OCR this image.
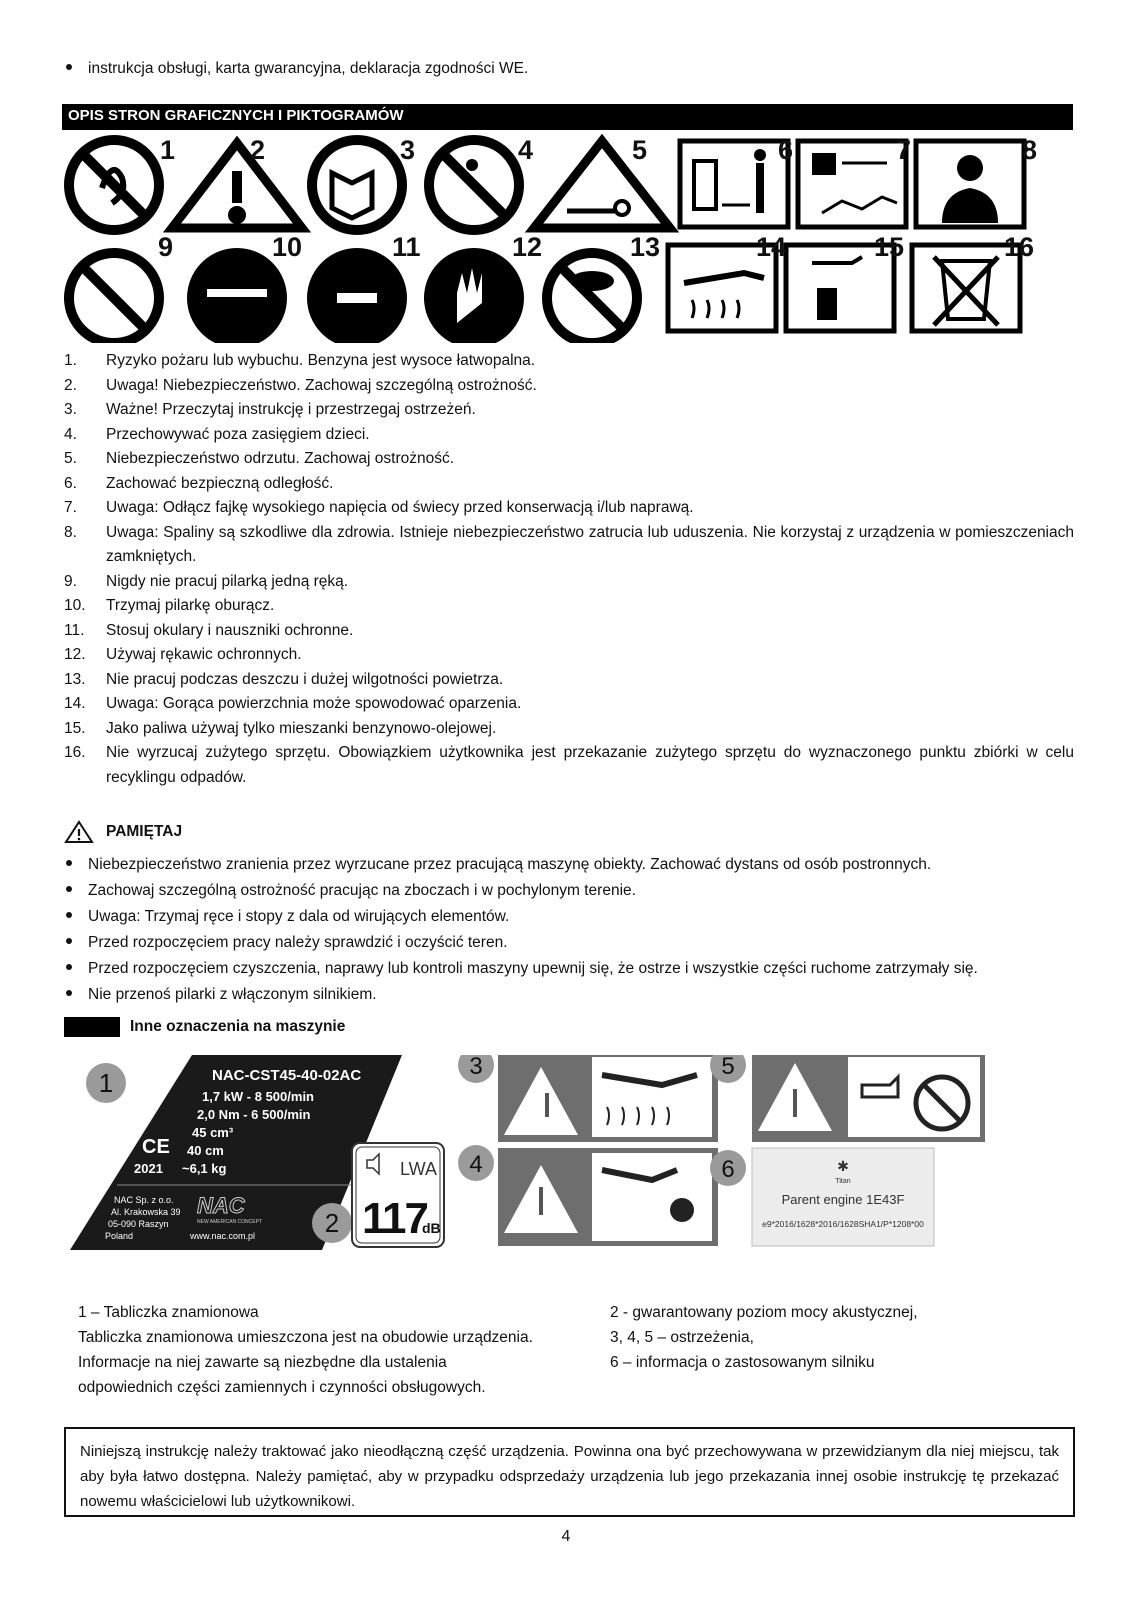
instrukcja obsługi, karta gwarancyjna, deklaracja zgodności WE.
OPIS STRON GRAFICZNYCH I PIKTOGRAMÓW
1	2	3	4	5	6	7	8
9	10	11	12	13	14	15	16
1. Ryzyko pożaru lub wybuchu. Benzyna jest wysoce łatwopalna.
2. Uwaga! Niebezpieczeństwo. Zachowaj szczególną ostrożność.
3. Ważne! Przeczytaj instrukcję i przestrzegaj ostrzeżeń.
4. Przechowywać poza zasięgiem dzieci.
5. Niebezpieczeństwo odrzutu. Zachowaj ostrożność.
6. Zachować bezpieczną odległość.
7. Uwaga: Odłącz fajkę wysokiego napięcia od świecy przed konserwacją i/lub naprawą.
8. Uwaga: Spaliny są szkodliwe dla zdrowia. Istnieje niebezpieczeństwo zatrucia lub uduszenia. Nie korzystaj z urządzenia w pomieszczeniach zamkniętych.
9. Nigdy nie pracuj pilarką jedną ręką.
10. Trzymaj pilarkę oburącz.
11. Stosuj okulary i nauszniki ochronne.
12. Używaj rękawic ochronnych.
13. Nie pracuj podczas deszczu i dużej wilgotności powietrza.
14. Uwaga: Gorąca powierzchnia może spowodować oparzenia.
15. Jako paliwa używaj tylko mieszanki benzynowo-olejowej.
16. Nie wyrzucaj zużytego sprzętu. Obowiązkiem użytkownika jest przekazanie zużytego sprzętu do wyznaczonego punktu zbiórki w celu recyklingu odpadów.
PAMIĘTAJ
Niebezpieczeństwo zranienia przez wyrzucane przez pracującą maszynę obiekty. Zachować dystans od osób postronnych.
Zachowaj szczególną ostrożność pracując na zboczach i w pochylonym terenie.
Uwaga: Trzymaj ręce i stopy z dala od wirujących elementów.
Przed rozpoczęciem pracy należy sprawdzić i oczyścić teren.
Przed rozpoczęciem czyszczenia, naprawy lub kontroli maszyny upewnij się, że ostrze i wszystkie części ruchome zatrzymały się.
Nie przenoś pilarki z włączonym silnikiem.
Inne oznaczenia na maszynie
1	NAC-CST45-40-02AC
1,7 kW - 8 500/min
2,0 Nm - 6 500/min
45 cm³
40 cm
~6,1 kg
CE
2021
NAC Sp. z o.o.
Al. Krakowska 39
05-090 Raszyn
Poland
NAC
NEW AMERICAN CONCEPT
www.nac.com.pl	2
LWA
117
dB
3
4
5
✱
Titan
Parent engine 1E43F
e9*2016/1628*2016/1628SHA1/P*1208*00
6
1 – Tabliczka znamionowa
Tabliczka znamionowa umieszczona jest na obudowie urządzenia.
Informacje na niej zawarte są niezbędne dla ustalenia
odpowiednich części zamiennych i czynności obsługowych.
2 - gwarantowany poziom mocy akustycznej,
3, 4, 5 – ostrzeżenia,
6 – informacja o zastosowanym silniku
Niniejszą instrukcję należy traktować jako nieodłączną część urządzenia. Powinna ona być przechowywana w przewidzianym dla niej miejscu, tak aby była łatwo dostępna. Należy pamiętać, aby w przypadku odsprzedaży urządzenia lub jego przekazania innej osobie instrukcję tę przekazać nowemu właścicielowi lub użytkownikowi.
4
